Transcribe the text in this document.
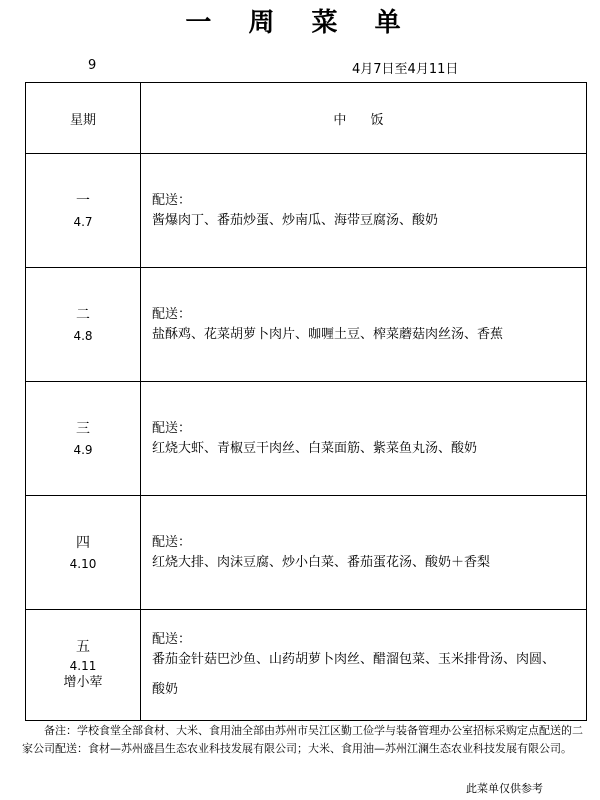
一 周 菜 单
9	4月7日至4月11日
星期	中 饭

一
4.7	配送：
酱爆肉丁、番茄炒蛋、炒南瓜、海带豆腐汤、酸奶

二
4.8	配送：
盐酥鸡、花菜胡萝卜肉片、咖喱土豆、榨菜蘑菇肉丝汤、香蕉

三
4.9	配送：
红烧大虾、青椒豆干肉丝、白菜面筋、紫菜鱼丸汤、酸奶

四
4.10	配送：
红烧大排、肉沫豆腐、炒小白菜、番茄蛋花汤、酸奶＋香梨

五
4.11
增小荤	配送：
番茄金针菇巴沙鱼、山药胡萝卜肉丝、醋溜包菜、玉米排骨汤、肉圆、
酸奶
备注：学校食堂全部食材、大米、食用油全部由苏州市吴江区勤工俭学与装备管理办公室招标采购定点配送的二家公司配送：食材—苏州盛昌生态农业科技发展有限公司；大米、食用油—苏州江澜生态农业科技发展有限公司。
此菜单仅供参考
